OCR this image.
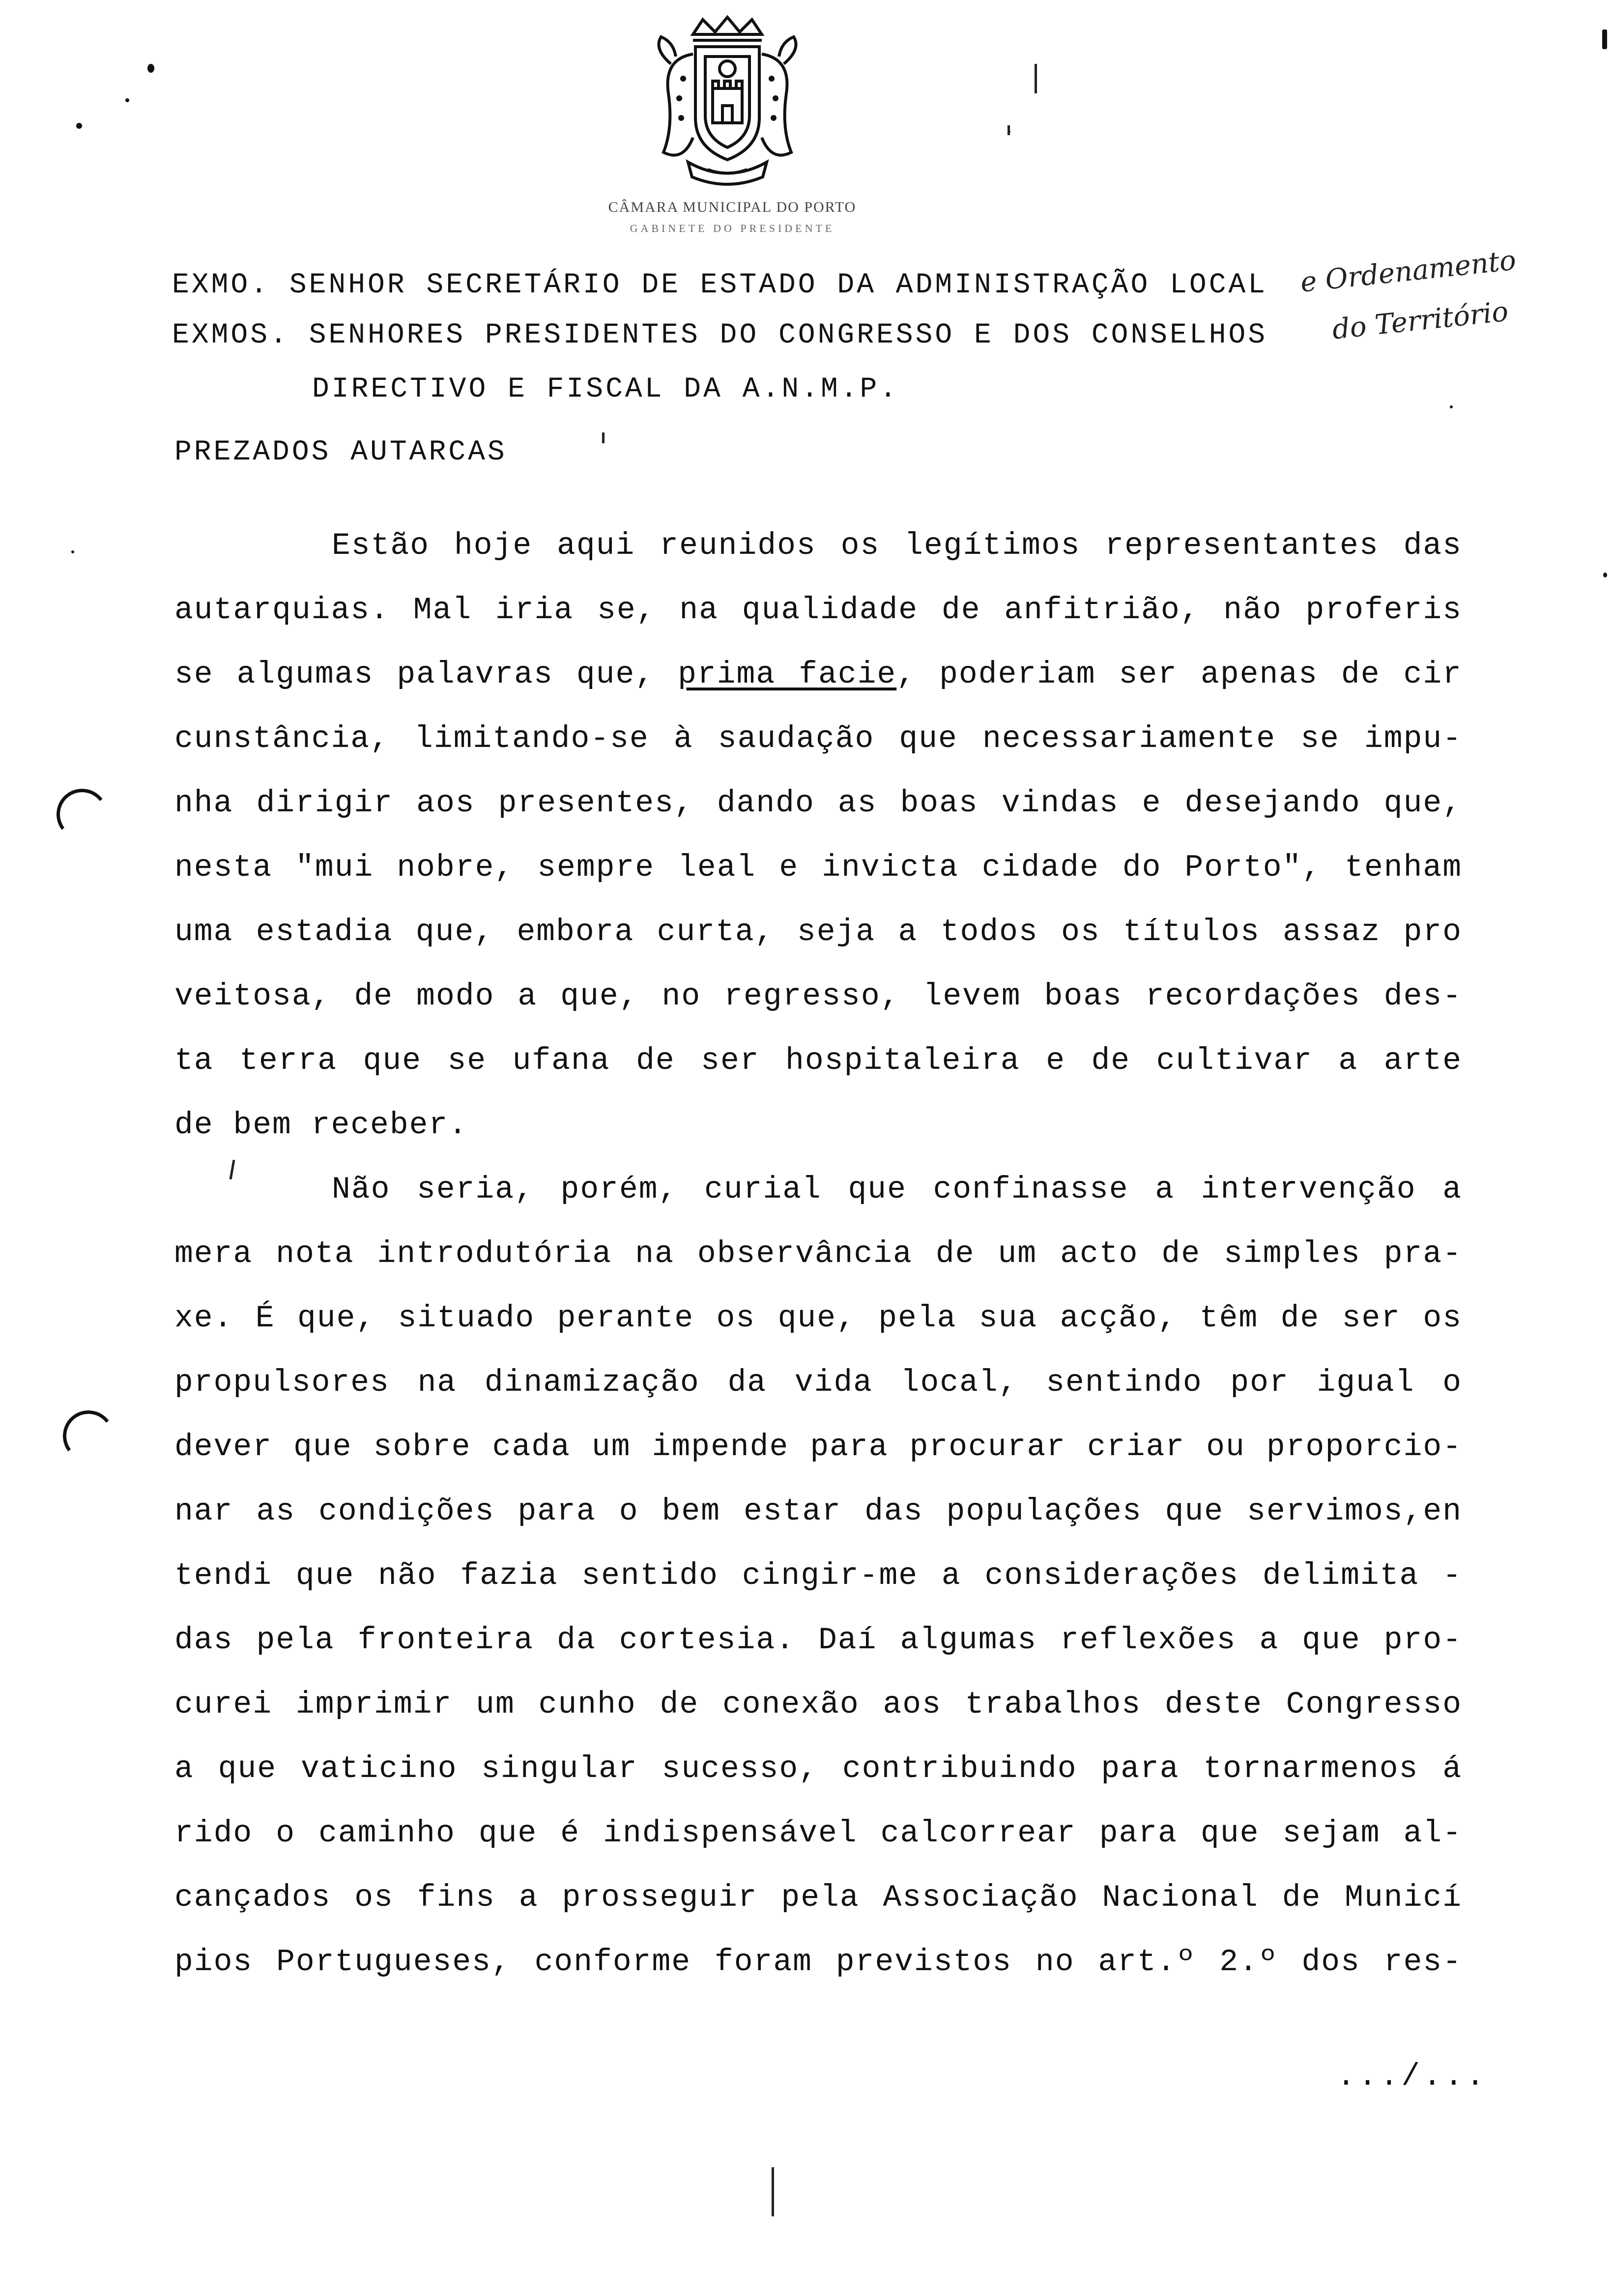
CÂMARA MUNICIPAL DO PORTO
GABINETE DO PRESIDENTE
EXMO. SENHOR SECRETÁRIO DE ESTADO DA ADMINISTRAÇÃO LOCAL
EXMOS. SENHORES PRESIDENTES DO CONGRESSO E DOS CONSELHOS
DIRECTIVO E FISCAL DA A.N.M.P.
e Ordenamento
do Território
PREZADOS AUTARCAS
Estão hoje aqui reunidos os legítimos representantes das
autarquias. Mal iria se, na qualidade de anfitrião, não proferis
se algumas palavras que, prima facie, poderiam ser apenas de cir
cunstância, limitando-se à saudação que necessariamente se impu-
nha dirigir aos presentes, dando as boas vindas e desejando que,
nesta "mui nobre, sempre leal e invicta cidade do Porto", tenham
uma estadia que, embora curta, seja a todos os títulos assaz pro
veitosa, de modo a que, no regresso, levem boas recordações des-
ta terra que se ufana de ser hospitaleira e de cultivar a arte
de bem receber.
Não seria, porém, curial que confinasse a intervenção a
mera nota introdutória na observância de um acto de simples pra-
xe. É que, situado perante os que, pela sua acção, têm de ser os
propulsores na dinamização da vida local, sentindo por igual o
dever que sobre cada um impende para procurar criar ou proporcio-
nar as condições para o bem estar das populações que servimos,en
tendi que não fazia sentido cingir-me a considerações delimita -
das pela fronteira da cortesia. Daí algumas reflexões a que pro-
curei imprimir um cunho de conexão aos trabalhos deste Congresso
a que vaticino singular sucesso, contribuindo para tornarmenos á
rido o caminho que é indispensável calcorrear para que sejam al-
cançados os fins a prosseguir pela Associação Nacional de Municí
pios Portugueses, conforme foram previstos no art.º 2.º dos res-
.../...
